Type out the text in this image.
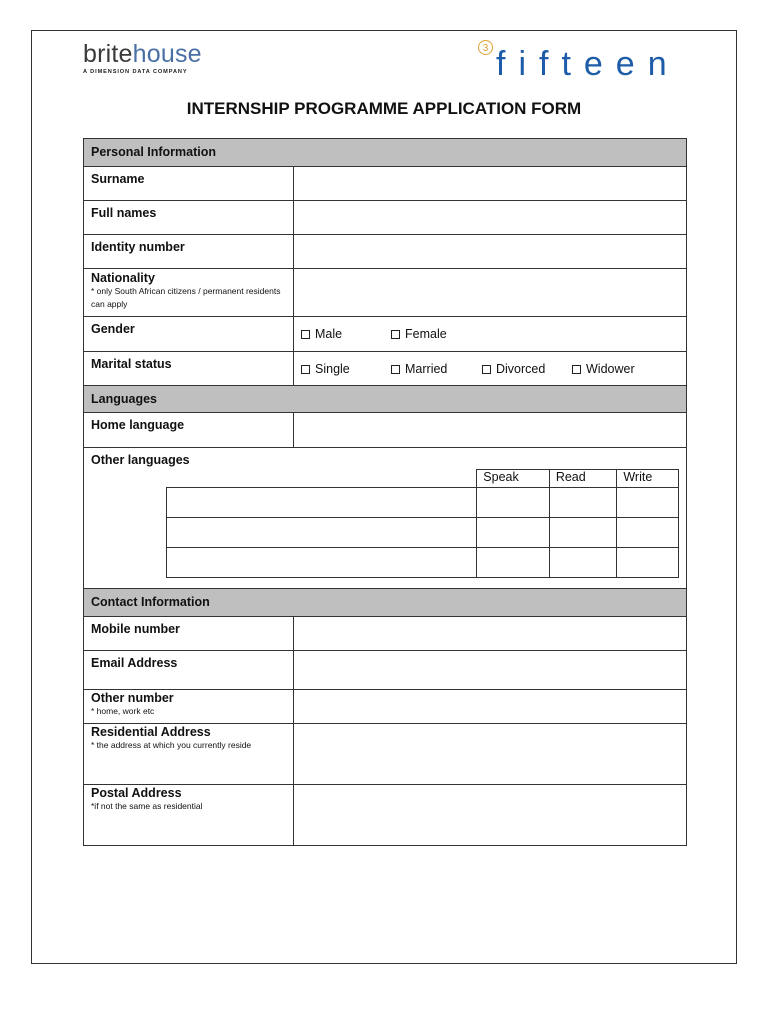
britehouse
A DIMENSION DATA COMPANY
3 fifteen
INTERNSHIP PROGRAMME APPLICATION FORM
Personal Information

Surname

Full names

Identity number

Nationality
* only South African citizens / permanent residents can apply

Gender	Male	Female

Marital status	Single	Married	Divorced	Widower

Languages

Home language

Other languages
	Speak	Read	Write

Contact Information

Mobile number

Email Address

Other number
* home, work etc

Residential Address
* the address at which you currently reside

Postal Address
*if not the same as residential
